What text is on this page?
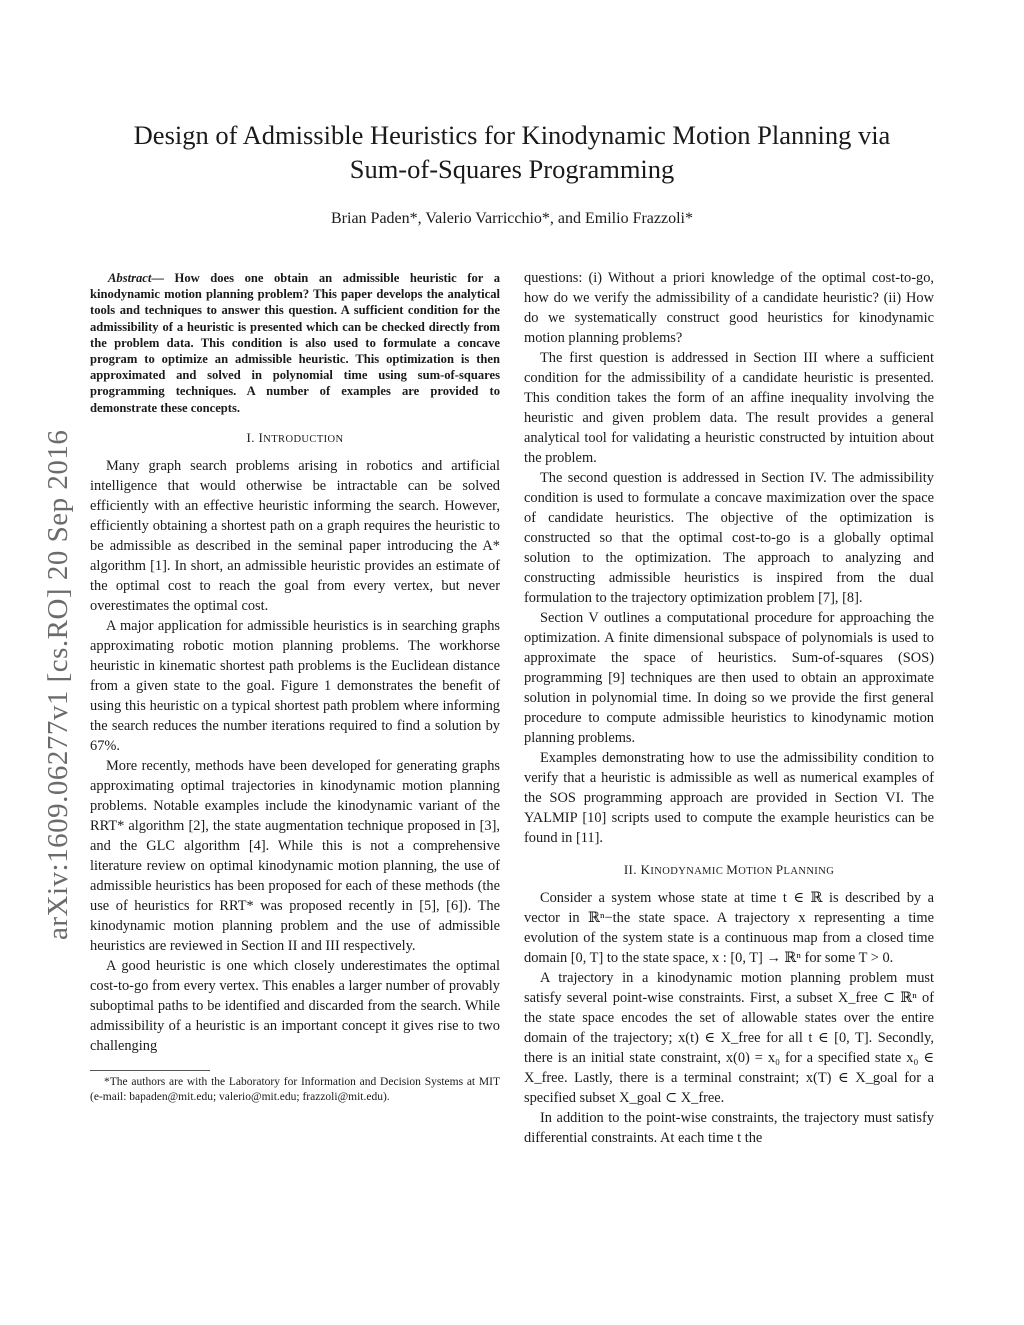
arXiv:1609.06277v1 [cs.RO] 20 Sep 2016
Design of Admissible Heuristics for Kinodynamic Motion Planning via
Sum-of-Squares Programming
Brian Paden*, Valerio Varricchio*, and Emilio Frazzoli*

Abstract— How does one obtain an admissible heuristic for a kinodynamic motion planning problem? This paper develops the analytical tools and techniques to answer this question. A sufficient condition for the admissibility of a heuristic is presented which can be checked directly from the problem data. This condition is also used to formulate a concave program to optimize an admissible heuristic. This optimization is then approximated and solved in polynomial time using sum-of-squares programming techniques. A number of examples are provided to demonstrate these concepts.

I. INTRODUCTION

Many graph search problems arising in robotics and artificial intelligence that would otherwise be intractable can be solved efficiently with an effective heuristic informing the search. However, efficiently obtaining a shortest path on a graph requires the heuristic to be admissible as described in the seminal paper introducing the A* algorithm [1]. In short, an admissible heuristic provides an estimate of the optimal cost to reach the goal from every vertex, but never overestimates the optimal cost.

A major application for admissible heuristics is in searching graphs approximating robotic motion planning problems. The workhorse heuristic in kinematic shortest path problems is the Euclidean distance from a given state to the goal. Figure 1 demonstrates the benefit of using this heuristic on a typical shortest path problem where informing the search reduces the number iterations required to find a solution by 67%.

More recently, methods have been developed for generating graphs approximating optimal trajectories in kinodynamic motion planning problems. Notable examples include the kinodynamic variant of the RRT* algorithm [2], the state augmentation technique proposed in [3], and the GLC algorithm [4]. While this is not a comprehensive literature review on optimal kinodynamic motion planning, the use of admissible heuristics has been proposed for each of these methods (the use of heuristics for RRT* was proposed recently in [5], [6]). The kinodynamic motion planning problem and the use of admissible heuristics are reviewed in Section II and III respectively.

A good heuristic is one which closely underestimates the optimal cost-to-go from every vertex. This enables a larger number of provably suboptimal paths to be identified and discarded from the search. While admissibility of a heuristic is an important concept it gives rise to two challenging

*The authors are with the Laboratory for Information and Decision Systems at MIT (e-mail: bapaden@mit.edu; valerio@mit.edu; frazzoli@mit.edu).

questions: (i) Without a priori knowledge of the optimal cost-to-go, how do we verify the admissibility of a candidate heuristic? (ii) How do we systematically construct good heuristics for kinodynamic motion planning problems?

The first question is addressed in Section III where a sufficient condition for the admissibility of a candidate heuristic is presented. This condition takes the form of an affine inequality involving the heuristic and given problem data. The result provides a general analytical tool for validating a heuristic constructed by intuition about the problem.

The second question is addressed in Section IV. The admissibility condition is used to formulate a concave maximization over the space of candidate heuristics. The objective of the optimization is constructed so that the optimal cost-to-go is a globally optimal solution to the optimization. The approach to analyzing and constructing admissible heuristics is inspired from the dual formulation to the trajectory optimization problem [7], [8].

Section V outlines a computational procedure for approaching the optimization. A finite dimensional subspace of polynomials is used to approximate the space of heuristics. Sum-of-squares (SOS) programming [9] techniques are then used to obtain an approximate solution in polynomial time. In doing so we provide the first general procedure to compute admissible heuristics to kinodynamic motion planning problems.

Examples demonstrating how to use the admissibility condition to verify that a heuristic is admissible as well as numerical examples of the SOS programming approach are provided in Section VI. The YALMIP [10] scripts used to compute the example heuristics can be found in [11].

II. KINODYNAMIC MOTION PLANNING

Consider a system whose state at time t ∈ ℝ is described by a vector in ℝⁿ−the state space. A trajectory x representing a time evolution of the system state is a continuous map from a closed time domain [0, T] to the state space, x : [0, T] → ℝⁿ for some T > 0.

A trajectory in a kinodynamic motion planning problem must satisfy several point-wise constraints. First, a subset X_free ⊂ ℝⁿ of the state space encodes the set of allowable states over the entire domain of the trajectory; x(t) ∈ X_free for all t ∈ [0, T]. Secondly, there is an initial state constraint, x(0) = x₀ for a specified state x₀ ∈ X_free. Lastly, there is a terminal constraint; x(T) ∈ X_goal for a specified subset X_goal ⊂ X_free.

In addition to the point-wise constraints, the trajectory must satisfy differential constraints. At each time t the
